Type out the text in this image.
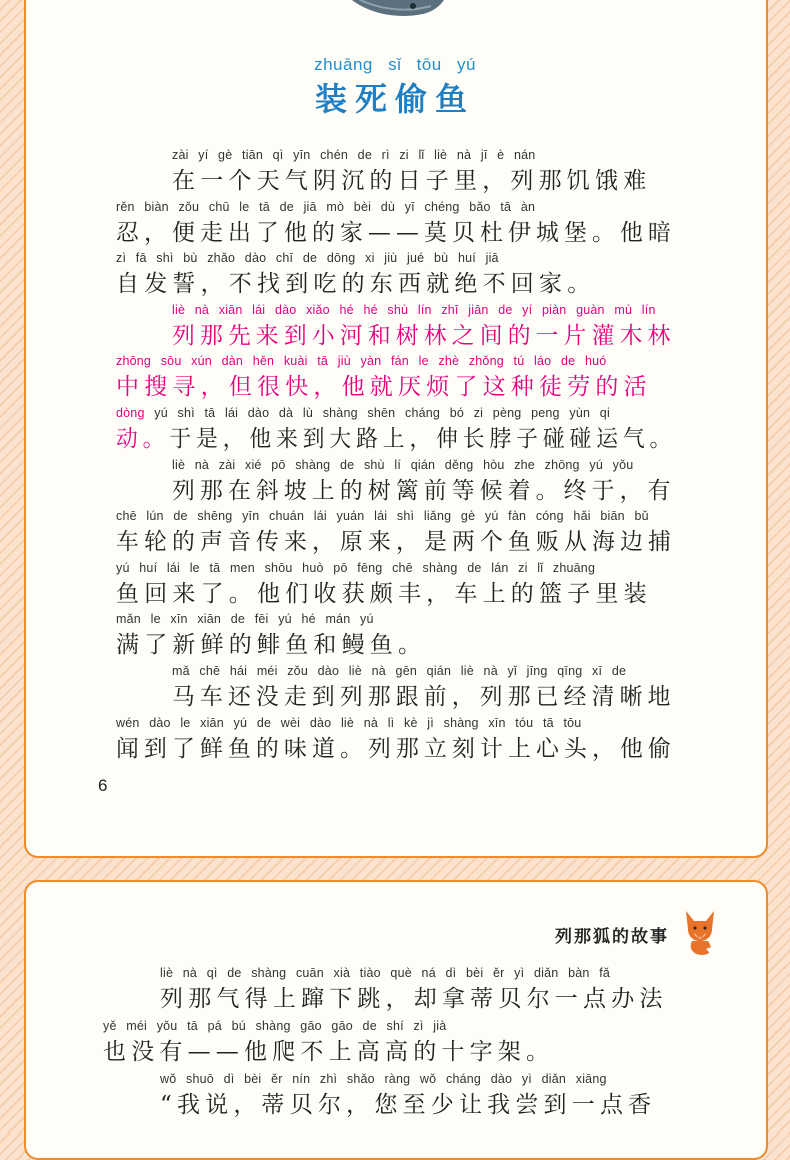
zhuāng sǐ tōu yú
装死偷鱼
zài yí gè tiān qì yīn chén de rì zi lǐ liè nà jī è nán
在一个天气阴沉的日子里，列那饥饿难
rěn biàn zǒu chū le tā de jiā mò bèi dù yī chéng bǎo tā àn
忍，便走出了他的家——莫贝杜伊城堡。他暗
zì fā shì bù zhǎo dào chī de dōng xi jiù jué bù huí jiā
自发誓，不找到吃的东西就绝不回家。
liè nà xiān lái dào xiǎo hé hé shù lín zhī jiān de yí piàn guàn mù lín
列那先来到小河和树林之间的一片灌木林
zhōng sōu xún dàn hěn kuài tā jiù yàn fán le zhè zhǒng tú láo de huó
中搜寻，但很快，他就厌烦了这种徒劳的活
dòng yú shì tā lái dào dà lù shàng shēn cháng bó zi pèng peng yùn qi
动。于是，他来到大路上，伸长脖子碰碰运气。
liè nà zài xié pō shàng de shù lí qián děng hòu zhe zhōng yú yǒu
列那在斜坡上的树篱前等候着。终于，有
chē lún de shēng yīn chuán lái yuán lái shì liǎng gè yú fàn cóng hǎi biān bǔ
车轮的声音传来，原来，是两个鱼贩从海边捕
yú huí lái le tā men shōu huò pō fēng chē shàng de lán zi lǐ zhuāng
鱼回来了。他们收获颇丰，车上的篮子里装
mǎn le xīn xiān de fēi yú hé mán yú
满了新鲜的鲱鱼和鳗鱼。
mǎ chē hái méi zǒu dào liè nà gēn qián liè nà yǐ jīng qīng xī de
马车还没走到列那跟前，列那已经清晰地
wén dào le xiān yú de wèi dào liè nà lì kè jì shàng xīn tóu tā tōu
闻到了鲜鱼的味道。列那立刻计上心头，他偷
6
列那狐的故事
liè nà qì de shàng cuān xià tiào què ná dì bèi ěr yì diǎn bàn fǎ
列那气得上蹿下跳，却拿蒂贝尔一点办法
yě méi yǒu tā pá bú shàng gāo gāo de shí zì jià
也没有——他爬不上高高的十字架。
wǒ shuō dì bèi ěr nín zhì shǎo ràng wǒ cháng dào yì diǎn xiāng
“我说，蒂贝尔，您至少让我尝到一点香
